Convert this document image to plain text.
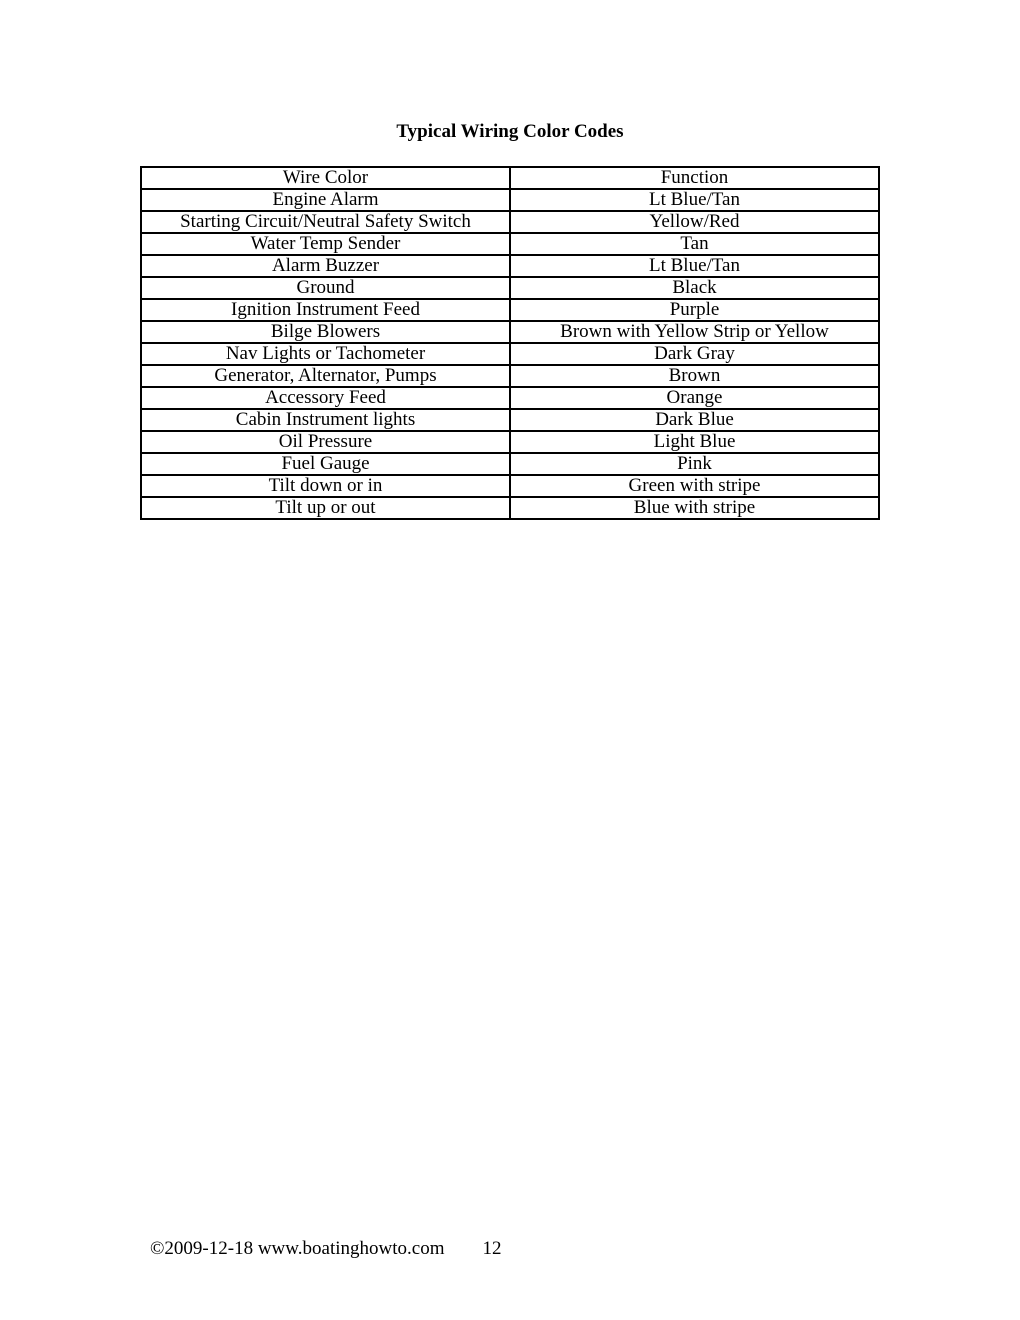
Typical Wiring Color Codes
Wire Color	Function
Engine Alarm	Lt Blue/Tan
Starting Circuit/Neutral Safety Switch	Yellow/Red
Water Temp Sender	Tan
Alarm Buzzer	Lt Blue/Tan
Ground	Black
Ignition Instrument Feed	Purple
Bilge Blowers	Brown with Yellow Strip or Yellow
Nav Lights or Tachometer	Dark Gray
Generator, Alternator, Pumps	Brown
Accessory Feed	Orange
Cabin Instrument lights	Dark Blue
Oil Pressure	Light Blue
Fuel Gauge	Pink
Tilt down or in	Green with stripe
Tilt up or out	Blue with stripe
©2009-12-18 www.boatinghowto.com 12
